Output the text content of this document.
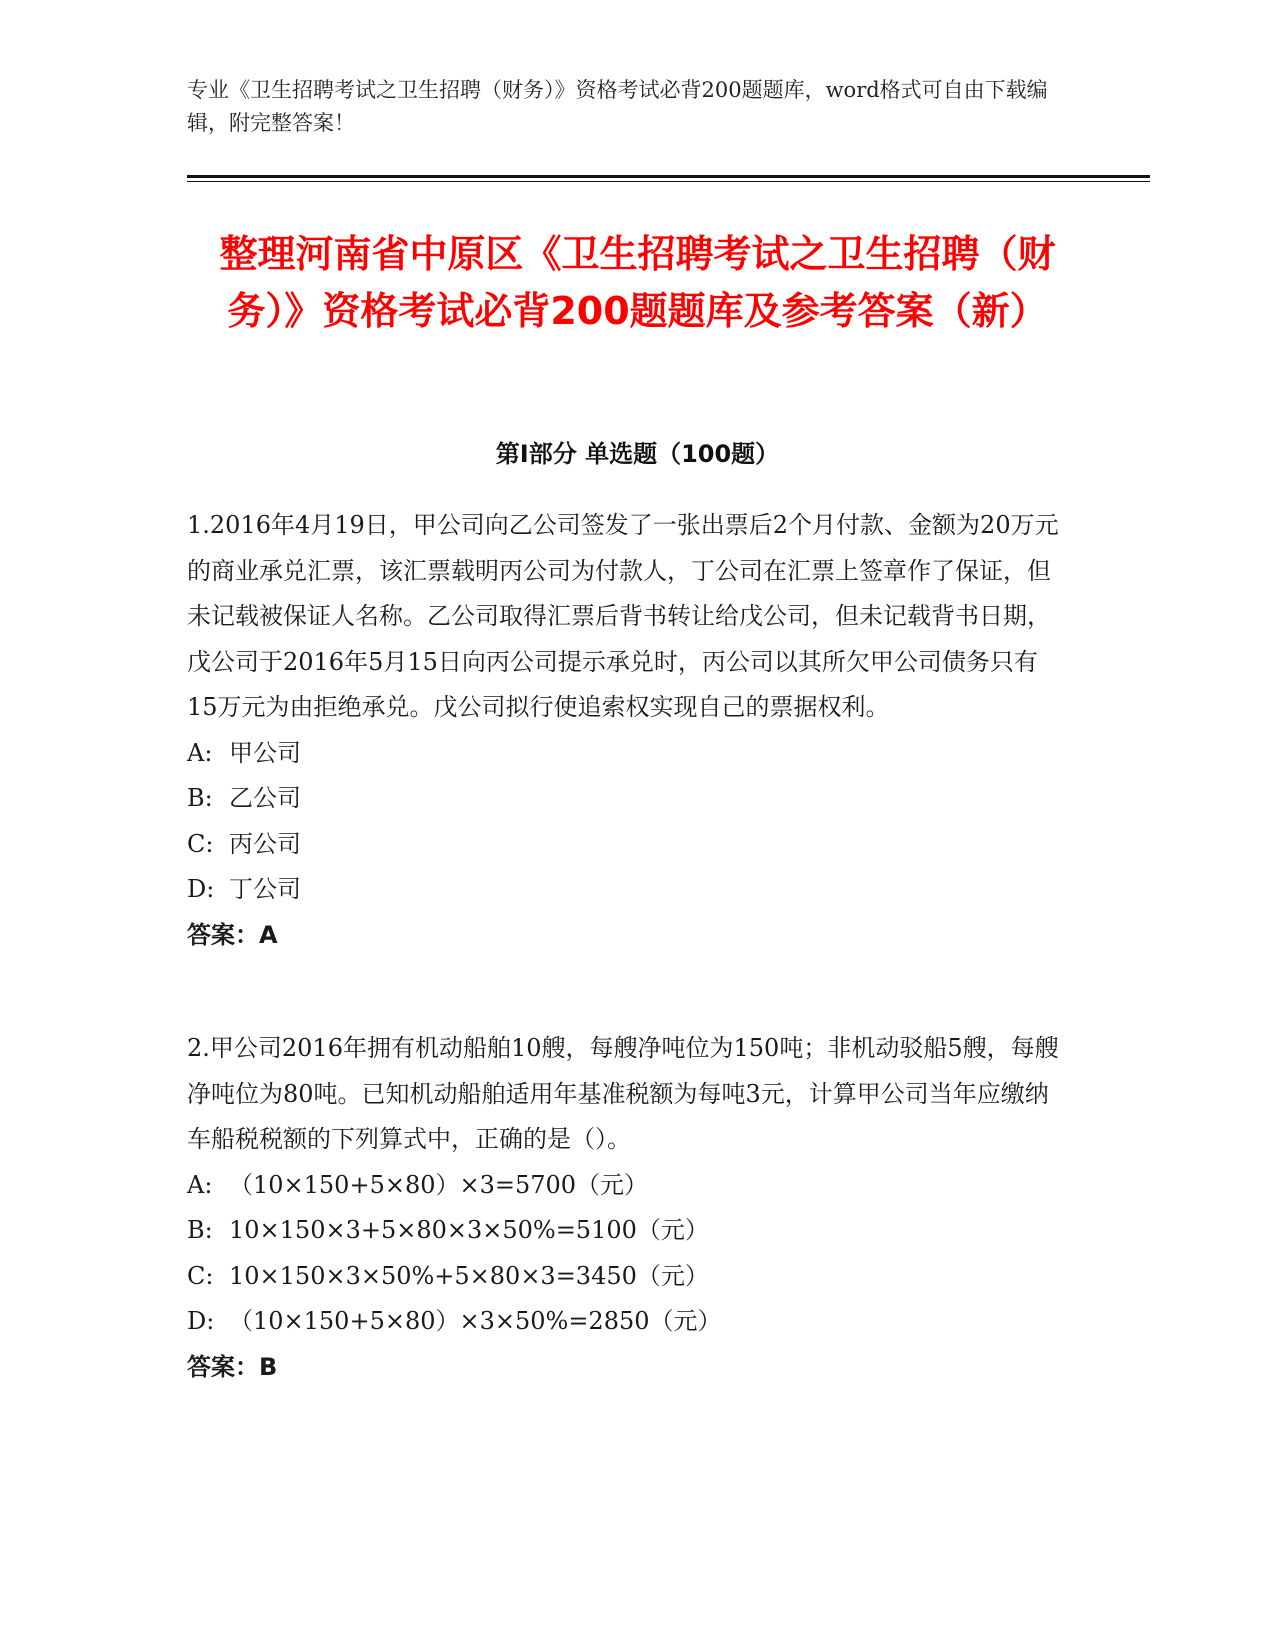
专业《卫生招聘考试之卫生招聘（财务）》资格考试必背200题题库，word格式可自由下载编辑，附完整答案！
整理河南省中原区《卫生招聘考试之卫生招聘（财务）》资格考试必背200题题库及参考答案（新）
第I部分 单选题（100题）

1.2016年4月19日，甲公司向乙公司签发了一张出票后2个月付款、金额为20万元的商业承兑汇票，该汇票载明丙公司为付款人，丁公司在汇票上签章作了保证，但未记载被保证人名称。乙公司取得汇票后背书转让给戊公司，但未记载背书日期，戊公司于2016年5月15日向丙公司提示承兑时，丙公司以其所欠甲公司债务只有15万元为由拒绝承兑。戊公司拟行使追索权实现自己的票据权利。

A: 甲公司

B: 乙公司

C: 丙公司

D: 丁公司

答案：A

2.甲公司2016年拥有机动船舶10艘，每艘净吨位为150吨；非机动驳船5艘，每艘净吨位为80吨。已知机动船舶适用年基准税额为每吨3元，计算甲公司当年应缴纳车船税税额的下列算式中，正确的是（）。

A: （10×150+5×80）×3=5700（元）

B: 10×150×3+5×80×3×50%=5100（元）

C: 10×150×3×50%+5×80×3=3450（元）

D: （10×150+5×80）×3×50%=2850（元）

答案：B
